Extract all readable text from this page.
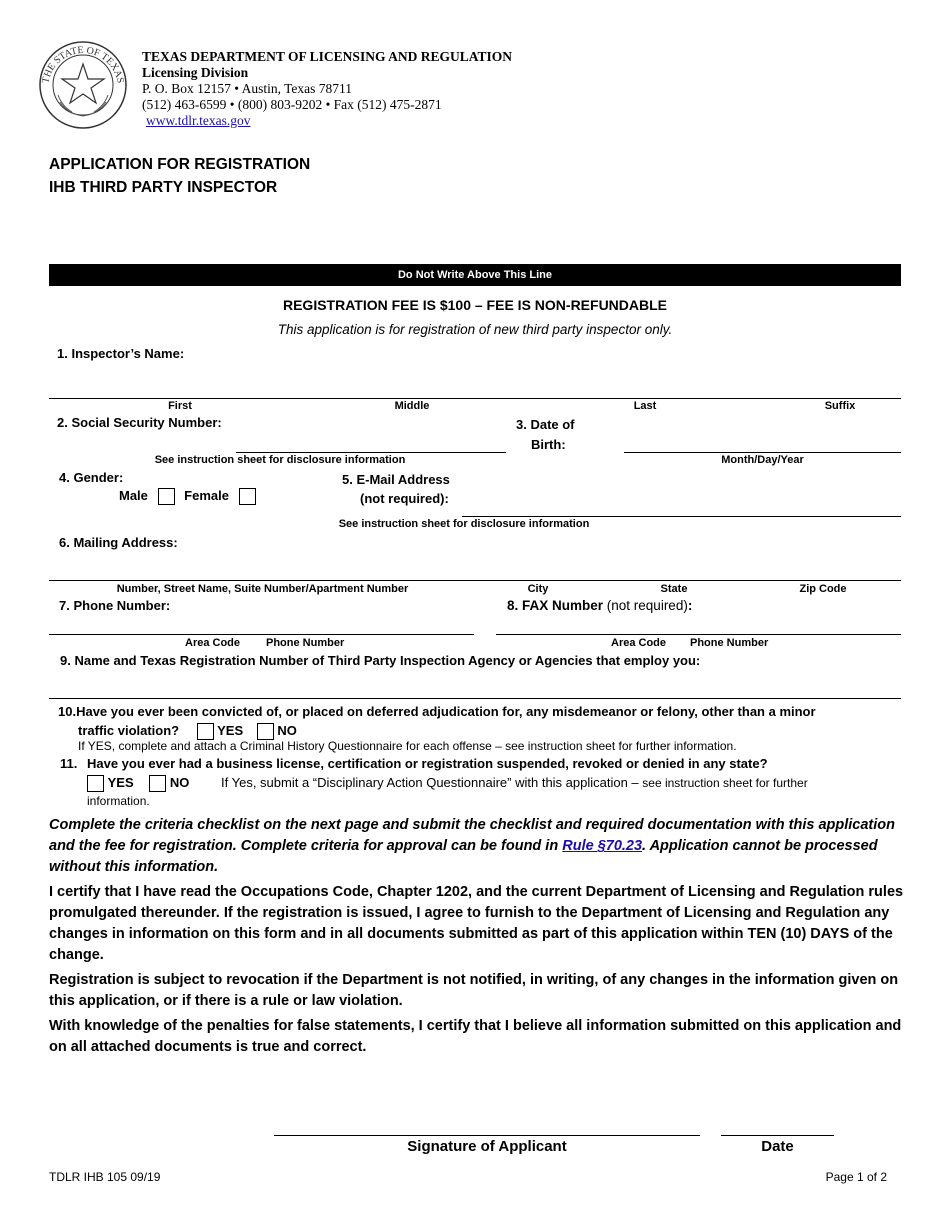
THE STATE OF TEXAS
TEXAS DEPARTMENT OF LICENSING AND REGULATION
Licensing Division
P. O. Box 12157 • Austin, Texas 78711
(512) 463-6599 • (800) 803-9202 • Fax (512) 475-2871
www.tdlr.texas.gov
APPLICATION FOR REGISTRATION
IHB THIRD PARTY INSPECTOR
Do Not Write Above This Line
REGISTRATION FEE IS $100 – FEE IS NON-REFUNDABLE
This application is for registration of new third party inspector only.
1. Inspector’s Name:
First	Middle	Last	Suffix
2. Social Security Number:
See instruction sheet for disclosure information
3. Date of
Birth:
Month/Day/Year
4. Gender:
Male	Female
5. E-Mail Address
(not required):
See instruction sheet for disclosure information
6. Mailing Address:
Number, Street Name, Suite Number/Apartment Number	City	State	Zip Code
7. Phone Number:
Area Code Phone Number
8. FAX Number (not required):
Area Code Phone Number
9. Name and Texas Registration Number of Third Party Inspection Agency or Agencies that employ you:
10.Have you ever been convicted of, or placed on deferred adjudication for, any misdemeanor or felony, other than a minor
traffic violation?	YES	NO
If YES, complete and attach a Criminal History Questionnaire for each offense – see instruction sheet for further information.
11. Have you ever had a business license, certification or registration suspended, revoked or denied in any state?
YES	NO If Yes, submit a “Disciplinary Action Questionnaire” with this application – see instruction sheet for further
information.
Complete the criteria checklist on the next page and submit the checklist and required documentation with this application and the fee for registration. Complete criteria for approval can be found in Rule §70.23. Application cannot be processed without this information.
I certify that I have read the Occupations Code, Chapter 1202, and the current Department of Licensing and Regulation rules promulgated thereunder. If the registration is issued, I agree to furnish to the Department of Licensing and Regulation any changes in information on this form and in all documents submitted as part of this application within TEN (10) DAYS of the change.
Registration is subject to revocation if the Department is not notified, in writing, of any changes in the information given on this application, or if there is a rule or law violation.
With knowledge of the penalties for false statements, I certify that I believe all information submitted on this application and on all attached documents is true and correct.
Signature of Applicant	Date
TDLR IHB 105 09/19	Page 1 of 2
